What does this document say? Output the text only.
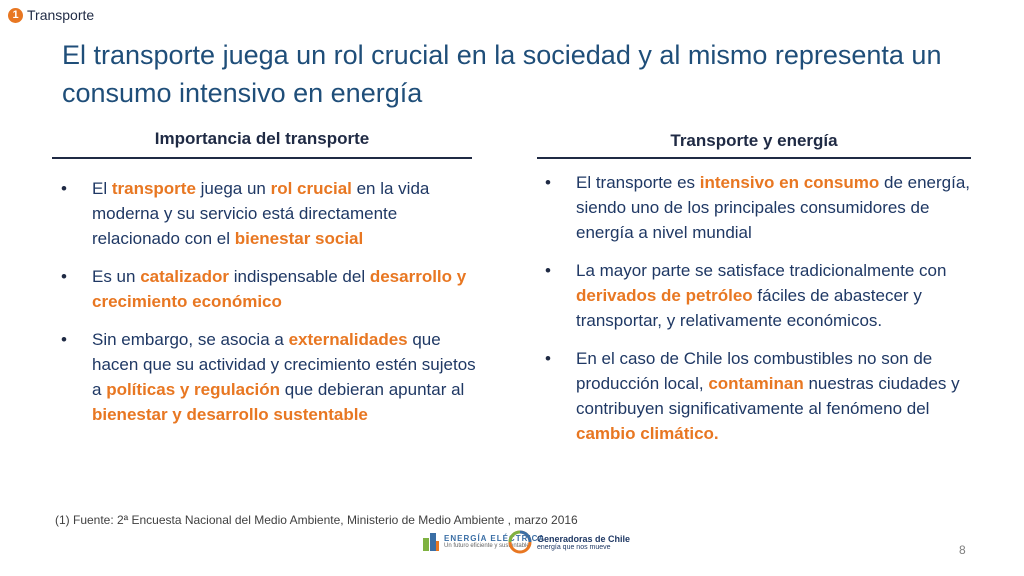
1 Transporte
El transporte juega un rol crucial en la sociedad y al mismo representa un consumo intensivo en energía
Importancia del transporte	Transporte y energía
• El transporte juega un rol crucial en la vida moderna y su servicio está directamente relacionado con el bienestar social
• Es un catalizador indispensable del desarrollo y crecimiento económico
• Sin embargo, se asocia a externalidades que hacen que su actividad y crecimiento estén sujetos a políticas y regulación que debieran apuntar al bienestar y desarrollo sustentable
• El transporte es intensivo en consumo de energía, siendo uno de los principales consumidores de energía a nivel mundial
• La mayor parte se satisface tradicionalmente con derivados de petróleo fáciles de abastecer y transportar, y relativamente económicos.
• En el caso de Chile los combustibles no son de producción local, contaminan nuestras ciudades y contribuyen significativamente al fenómeno del cambio climático.
(1) Fuente: 2ª Encuesta Nacional del Medio Ambiente, Ministerio de Medio Ambiente , marzo 2016
ENERGÍA ELÉCTRICA
Un futuro eficiente y sustentable
Generadoras de Chile
energía que nos mueve	8
